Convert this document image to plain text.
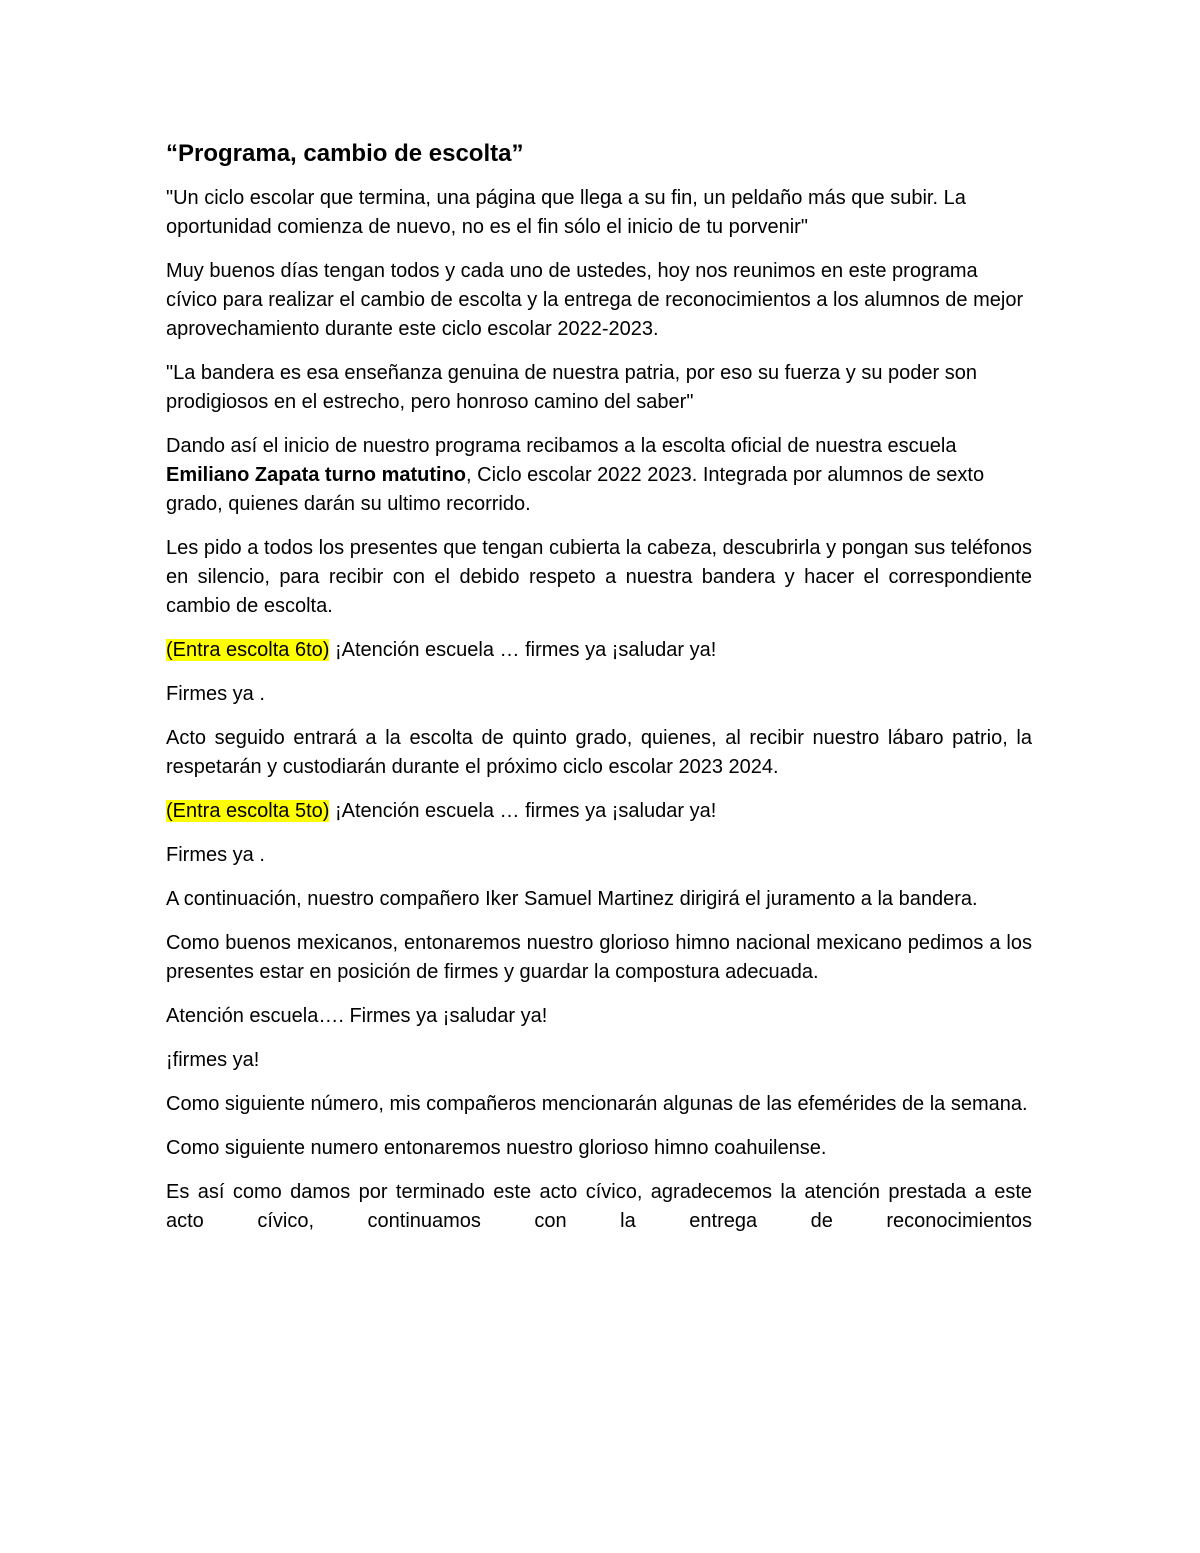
“Programa, cambio de escolta”

"Un ciclo escolar que termina, una página que llega a su fin, un peldaño más que subir. La oportunidad comienza de nuevo, no es el fin sólo el inicio de tu porvenir"

Muy buenos días tengan todos y cada uno de ustedes, hoy nos reunimos en este programa cívico para realizar el cambio de escolta y la entrega de reconocimientos a los alumnos de mejor aprovechamiento durante este ciclo escolar 2022-2023.

"La bandera es esa enseñanza genuina de nuestra patria, por eso su fuerza y su poder son prodigiosos en el estrecho, pero honroso camino del saber"

Dando así el inicio de nuestro programa recibamos a la escolta oficial de nuestra escuela Emiliano Zapata turno matutino, Ciclo escolar 2022 2023. Integrada por alumnos de sexto grado, quienes darán su ultimo recorrido.

Les pido a todos los presentes que tengan cubierta la cabeza, descubrirla y pongan sus teléfonos en silencio, para recibir con el debido respeto a nuestra bandera y hacer el correspondiente cambio de escolta.

(Entra escolta 6to) ¡Atención escuela … firmes ya ¡saludar ya!

Firmes ya .

Acto seguido entrará a la escolta de quinto grado, quienes, al recibir nuestro lábaro patrio, la respetarán y custodiarán durante el próximo ciclo escolar 2023 2024.

(Entra escolta 5to) ¡Atención escuela … firmes ya ¡saludar ya!

Firmes ya .

A continuación, nuestro compañero Iker Samuel Martinez dirigirá el juramento a la bandera.

Como buenos mexicanos, entonaremos nuestro glorioso himno nacional mexicano pedimos a los presentes estar en posición de firmes y guardar la compostura adecuada.

Atención escuela…. Firmes ya ¡saludar ya!

¡firmes ya!

Como siguiente número, mis compañeros mencionarán algunas de las efemérides de la semana.

Como siguiente numero entonaremos nuestro glorioso himno coahuilense.

Es así como damos por terminado este acto cívico, agradecemos la atención prestada a este acto cívico, continuamos con la entrega de reconocimientos
